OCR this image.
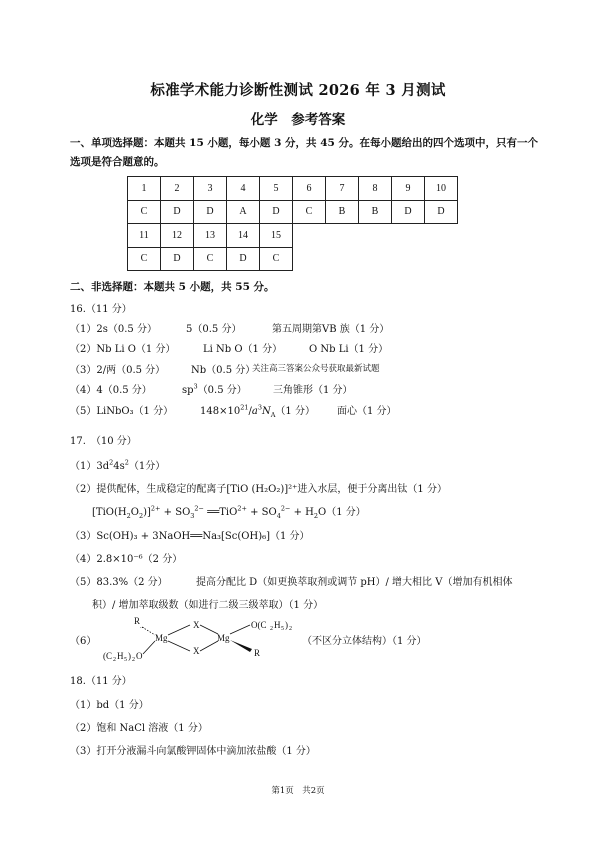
标准学术能力诊断性测试 2026 年 3 月测试
化学　参考答案
一、单项选择题：本题共 15 小题，每小题 3 分，共 45 分。在每小题给出的四个选项中，只有一个选项是符合题意的。
1	2	3	4	5	6	7	8	9	10
C	D	D	A	D	C	B	B	D	D
11	12	13	14	15					
C	D	C	D	C					
二、非选择题：本题共 5 小题，共 55 分。
16.（11 分）
（1）2s（0.5 分）	5（0.5 分）	第五周期第VB 族（1 分）
（2）Nb Li O（1 分）	Li Nb O（1 分）	O Nb Li（1 分）
（3）2/两（0.5 分）	Nb（0.5 分）
关注高三答案公众号获取最新试题
（4）4（0.5 分）	$sp^3(0.5$ 分）	三角锥形（1 分）
（5）LiNbO₃（1 分）	$148\times 10^{21}/a^3N_A(1$ 分） 面心（1 分）
17.　（10 分）
$(1)3d^24s^2(1$分）
（2）提供配体，生成稳定的配离子[TiO (H₂O₂)]²⁺进入水层，便于分离出钛（1 分）
$[TiO(H_2O_2)]^{2+} + SO_3^{2-}$ ══TiO$^{2+}$ + $SO_4^{2-} + H_2O(1$ 分）
（3）Sc(OH)₃ + 3NaOH══Na₃[Sc(OH)₆]（1 分）
（4）2.8×10⁻⁶（2 分）
（5）83.3%（2 分）	提高分配比 D（如更换萃取剂或调节 pH）/ 增大相比 V（增加有机相体
积）/ 增加萃取级数（如进行二级三级萃取）（1 分）
（6）
R
...
Mg
X
X
Mg
O(C 2 H 5 ) 2
R
(C 2 H 5 ) 2 O
（不区分立体结构）（1 分）
18.（11 分）
（1）bd（1 分）
（2）饱和 NaCl 溶液（1 分）
（3）打开分液漏斗向氯酸钾固体中滴加浓盐酸（1 分）
第1页　共2页
